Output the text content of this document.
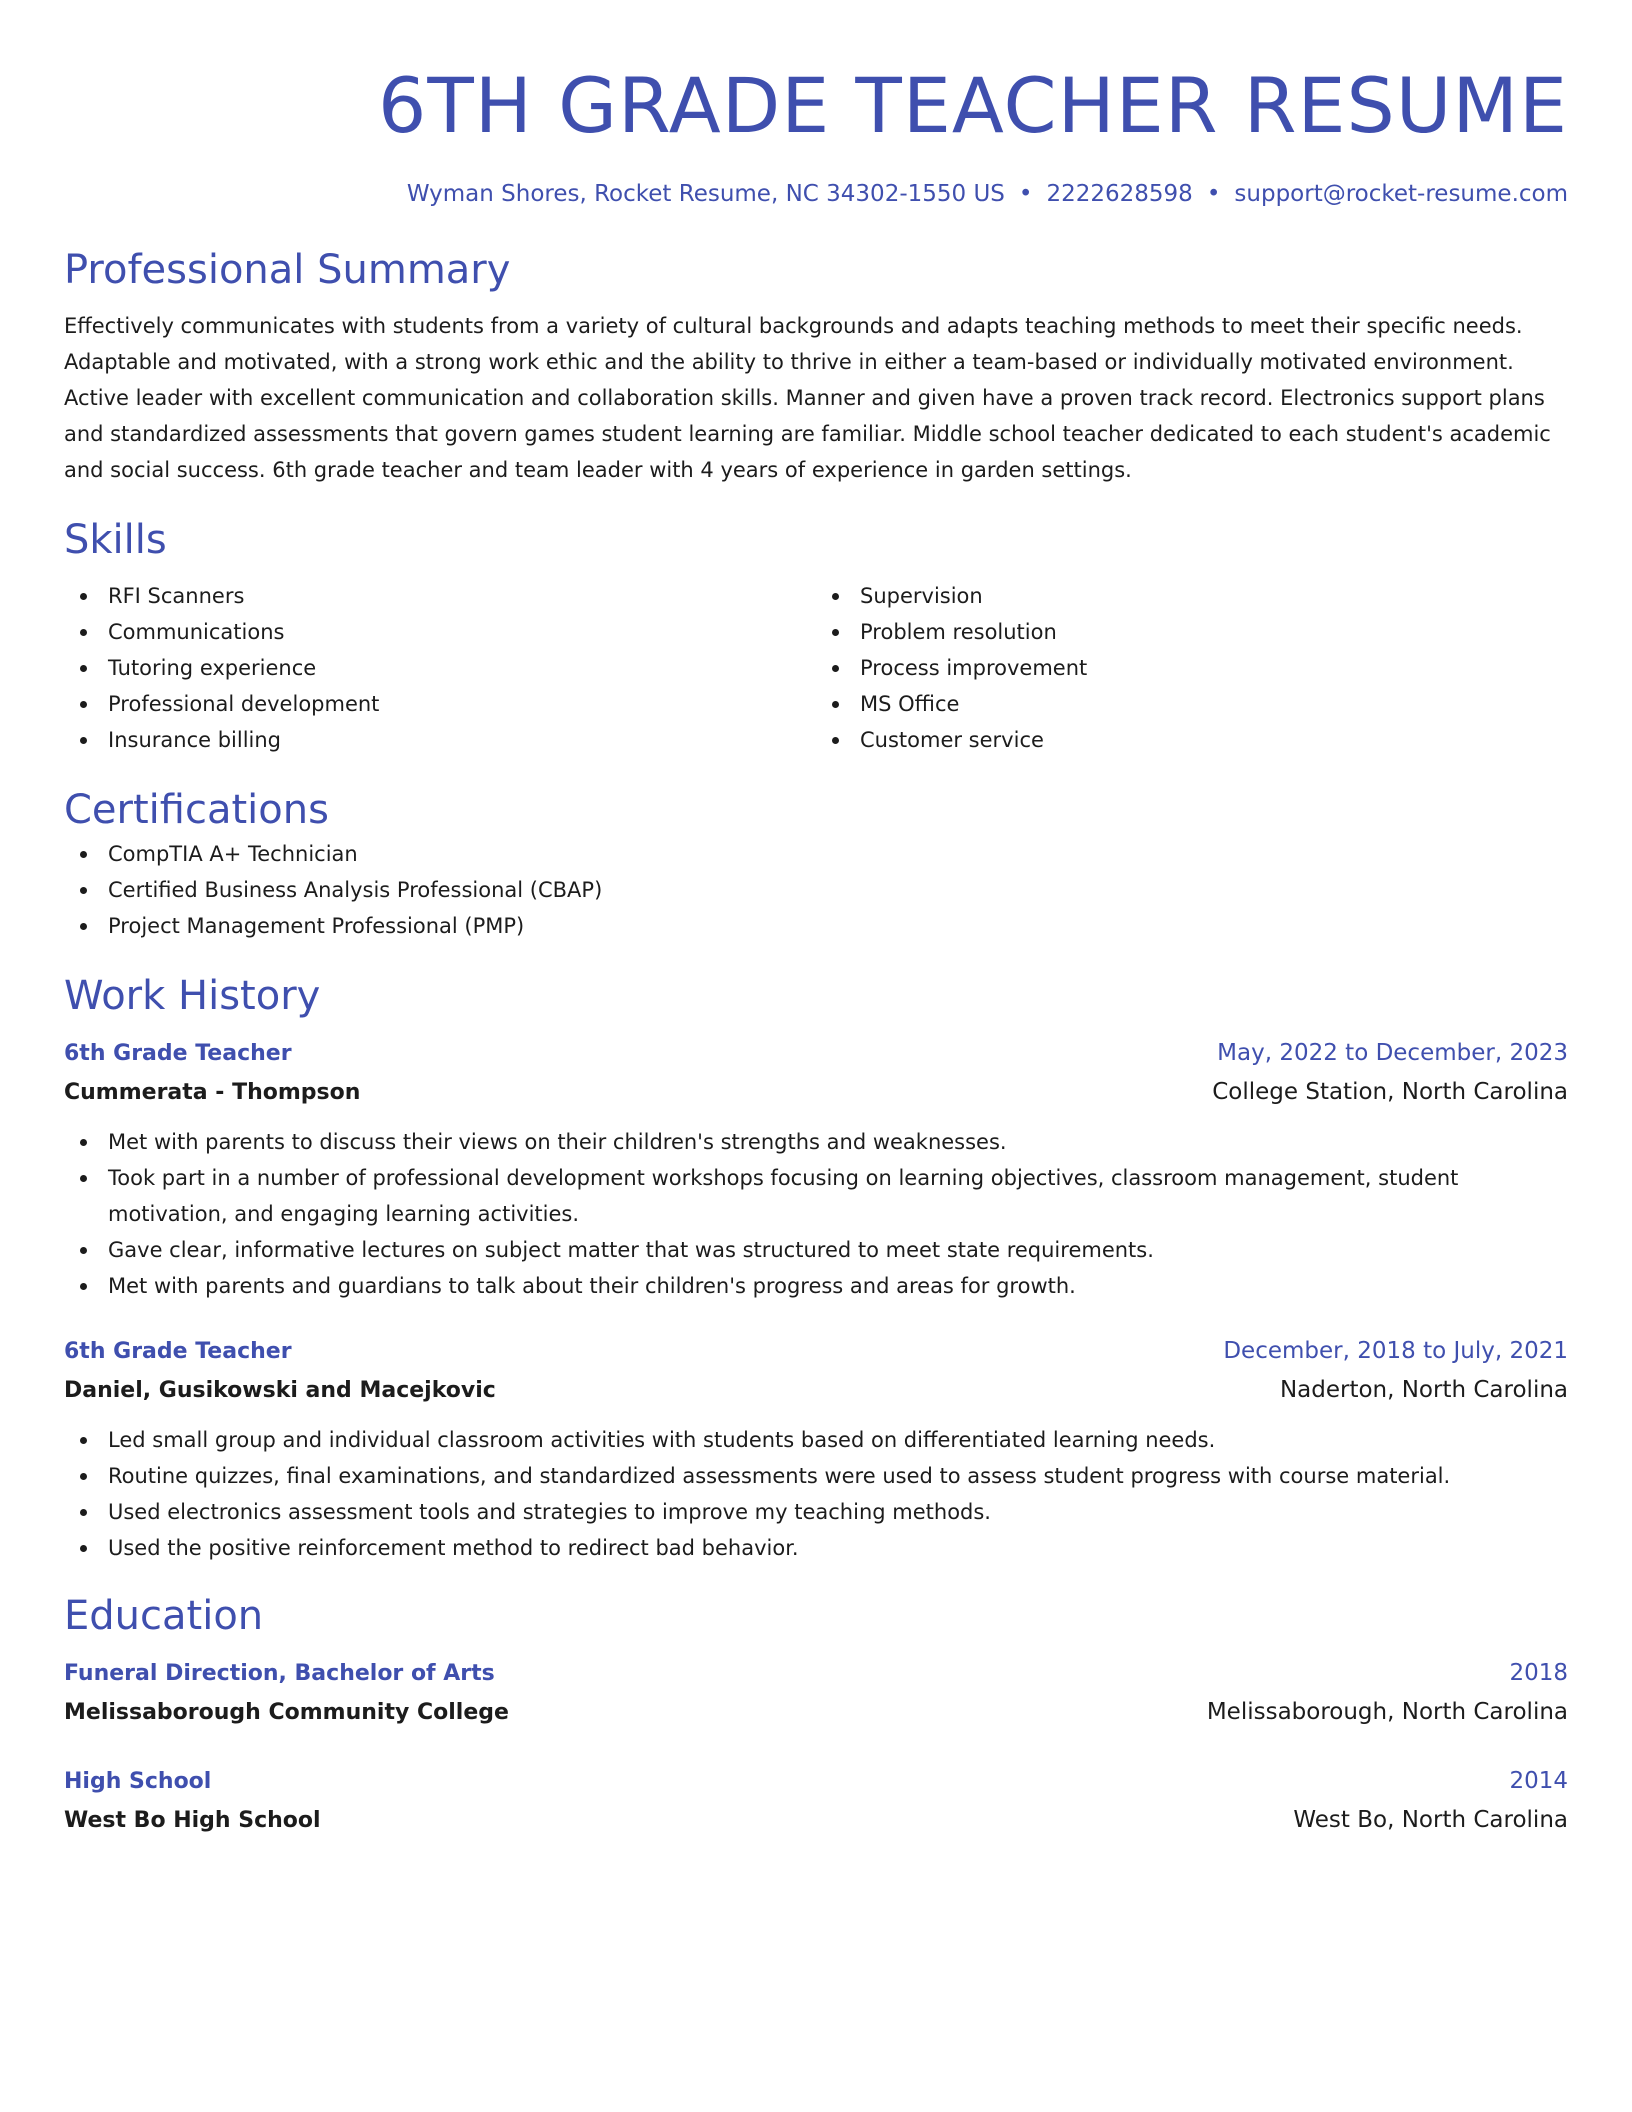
6TH GRADE TEACHER RESUME
Wyman Shores, Rocket Resume, NC 34302-1550 US • 2222628598 • support@rocket-resume.com
Professional Summary

Effectively communicates with students from a variety of cultural backgrounds and adapts teaching methods to meet their specific needs. Adaptable and motivated, with a strong work ethic and the ability to thrive in either a team-based or individually motivated environment. Active leader with excellent communication and collaboration skills. Manner and given have a proven track record. Electronics support plans and standardized assessments that govern games student learning are familiar. Middle school teacher dedicated to each student's academic and social success. 6th grade teacher and team leader with 4 years of experience in garden settings.

Skills
RFI Scanners
Communications
Tutoring experience
Professional development
Insurance billing
Supervision
Problem resolution
Process improvement
MS Office
Customer service
Certifications
CompTIA A+ Technician
Certified Business Analysis Professional (CBAP)
Project Management Professional (PMP)
Work History
6th Grade Teacher	May, 2022 to December, 2023
Cummerata - Thompson	College Station, North Carolina
Met with parents to discuss their views on their children's strengths and weaknesses.
Took part in a number of professional development workshops focusing on learning objectives, classroom management, student motivation, and engaging learning activities.
Gave clear, informative lectures on subject matter that was structured to meet state requirements.
Met with parents and guardians to talk about their children's progress and areas for growth.
6th Grade Teacher	December, 2018 to July, 2021
Daniel, Gusikowski and Macejkovic	Naderton, North Carolina
Led small group and individual classroom activities with students based on differentiated learning needs.
Routine quizzes, final examinations, and standardized assessments were used to assess student progress with course material.
Used electronics assessment tools and strategies to improve my teaching methods.
Used the positive reinforcement method to redirect bad behavior.
Education
Funeral Direction, Bachelor of Arts	2018
Melissaborough Community College	Melissaborough, North Carolina
High School	2014
West Bo High School	West Bo, North Carolina
